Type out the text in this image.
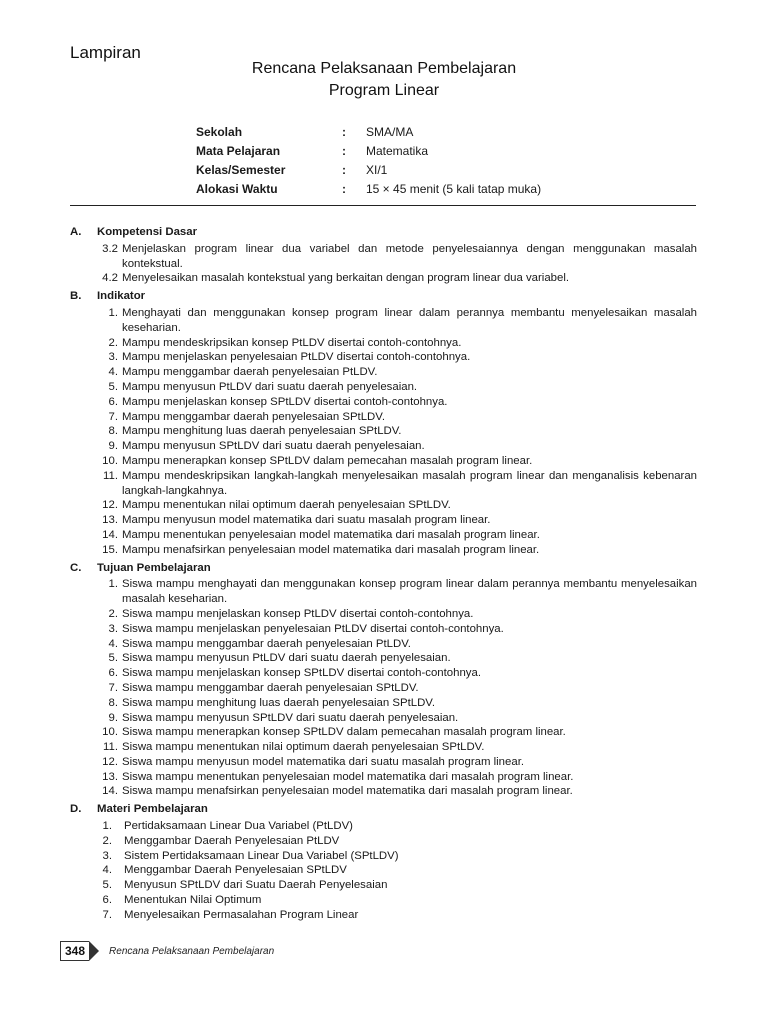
Lampiran
Rencana Pelaksanaan Pembelajaran
Program Linear
Sekolah	:	SMA/MA
Mata Pelajaran	:	Matematika
Kelas/Semester	:	XI/1
Alokasi Waktu	:	15 × 45 menit (5 kali tatap muka)
A.	Kompetensi Dasar
3.2 Menjelaskan program linear dua variabel dan metode penyelesaiannya dengan menggunakan masalah kontekstual.
4.2 Menyelesaikan masalah kontekstual yang berkaitan dengan program linear dua variabel.
B.	Indikator
1. Menghayati dan menggunakan konsep program linear dalam perannya membantu menyelesaikan masalah keseharian.
2. Mampu mendeskripsikan konsep PtLDV disertai contoh-contohnya.
3. Mampu menjelaskan penyelesaian PtLDV disertai contoh-contohnya.
4. Mampu menggambar daerah penyelesaian PtLDV.
5. Mampu menyusun PtLDV dari suatu daerah penyelesaian.
6. Mampu menjelaskan konsep SPtLDV disertai contoh-contohnya.
7. Mampu menggambar daerah penyelesaian SPtLDV.
8. Mampu menghitung luas daerah penyelesaian SPtLDV.
9. Mampu menyusun SPtLDV dari suatu daerah penyelesaian.
10. Mampu menerapkan konsep SPtLDV dalam pemecahan masalah program linear.
11. Mampu mendeskripsikan langkah-langkah menyelesaikan masalah program linear dan menganalisis kebenaran langkah-langkahnya.
12. Mampu menentukan nilai optimum daerah penyelesaian SPtLDV.
13. Mampu menyusun model matematika dari suatu masalah program linear.
14. Mampu menentukan penyelesaian model matematika dari masalah program linear.
15. Mampu menafsirkan penyelesaian model matematika dari masalah program linear.
C.	Tujuan Pembelajaran
1. Siswa mampu menghayati dan menggunakan konsep program linear dalam perannya membantu menyelesaikan masalah keseharian.
2. Siswa mampu menjelaskan konsep PtLDV disertai contoh-contohnya.
3. Siswa mampu menjelaskan penyelesaian PtLDV disertai contoh-contohnya.
4. Siswa mampu menggambar daerah penyelesaian PtLDV.
5. Siswa mampu menyusun PtLDV dari suatu daerah penyelesaian.
6. Siswa mampu menjelaskan konsep SPtLDV disertai contoh-contohnya.
7. Siswa mampu menggambar daerah penyelesaian SPtLDV.
8. Siswa mampu menghitung luas daerah penyelesaian SPtLDV.
9. Siswa mampu menyusun SPtLDV dari suatu daerah penyelesaian.
10. Siswa mampu menerapkan konsep SPtLDV dalam pemecahan masalah program linear.
11. Siswa mampu menentukan nilai optimum daerah penyelesaian SPtLDV.
12. Siswa mampu menyusun model matematika dari suatu masalah program linear.
13. Siswa mampu menentukan penyelesaian model matematika dari masalah program linear.
14. Siswa mampu menafsirkan penyelesaian model matematika dari masalah program linear.
D.	Materi Pembelajaran
1.	Pertidaksamaan Linear Dua Variabel (PtLDV)
2.	Menggambar Daerah Penyelesaian PtLDV
3.	Sistem Pertidaksamaan Linear Dua Variabel (SPtLDV)
4.	Menggambar Daerah Penyelesaian SPtLDV
5.	Menyusun SPtLDV dari Suatu Daerah Penyelesaian
6.	Menentukan Nilai Optimum
7.	Menyelesaikan Permasalahan Program Linear
348	Rencana Pelaksanaan Pembelajaran
